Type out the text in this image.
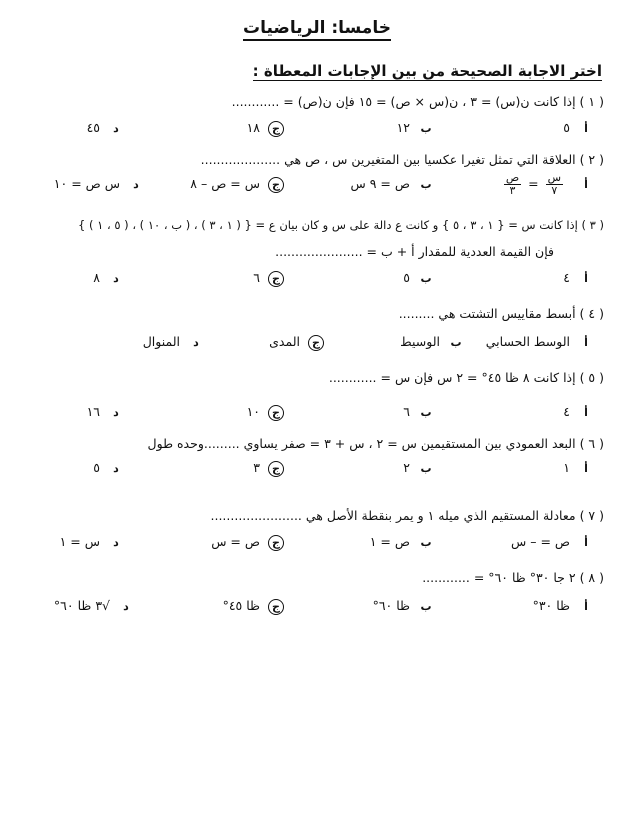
خامسا: الرياضيات
اختر الاجابة الصحيحة من بين الإجابات المعطاة :
( ١ ) إذا كانت ن(س) = ٣ ، ن(س × ص) = ١٥ فإن ن(ص) = ............
أ٥
ب١٢
ج١٨
د٤٥
( ٢ ) العلاقة التي تمثل تغيرا عكسيا بين المتغيرين س ، ص هي ....................
أ
$\frac{\text{س}}{٧}$
=
$\frac{\text{ص}}{٣}$
بص = ٩ س
جس = ص – ٨
دس ص = ١٠
( ٣ ) إذا كانت س = { ١ ، ٣ ، ٥ } و كانت ع دالة على س و كان بيان ع = { ( ١ ، ٣ ) ، ( ب ، ١٠ ) ، ( ٥ ، ١ ) }
فإن القيمة العددية للمقدار أ + ب = ......................
أ٤
ب٥
ج٦
د٨
( ٤ ) أبسط مقاييس التشتت هي .........
أالوسط الحسابي
بالوسيط
جالمدى
دالمنوال
( ٥ ) إذا كانت ٨ ظا ٤٥° = ٢ س فإن س = ............
أ٤
ب٦
ج١٠
د١٦
( ٦ ) البعد العمودي بين المستقيمين س = ٢ ، س + ٣ = صفر يساوي .........وحده طول
أ١
ب٢
ج٣
د٥
( ٧ ) معادلة المستقيم الذي ميله ١ و يمر بنقطة الأصل هي .......................
أص = – س
بص = ١
جص = س
دس = ١
( ٨ ) ٢ جا ٣٠° ظا ٦٠° = ............
أظا ٣٠°
بظا ٦٠°
جظا ٤٥°
د√٣ ظا ٦٠°
